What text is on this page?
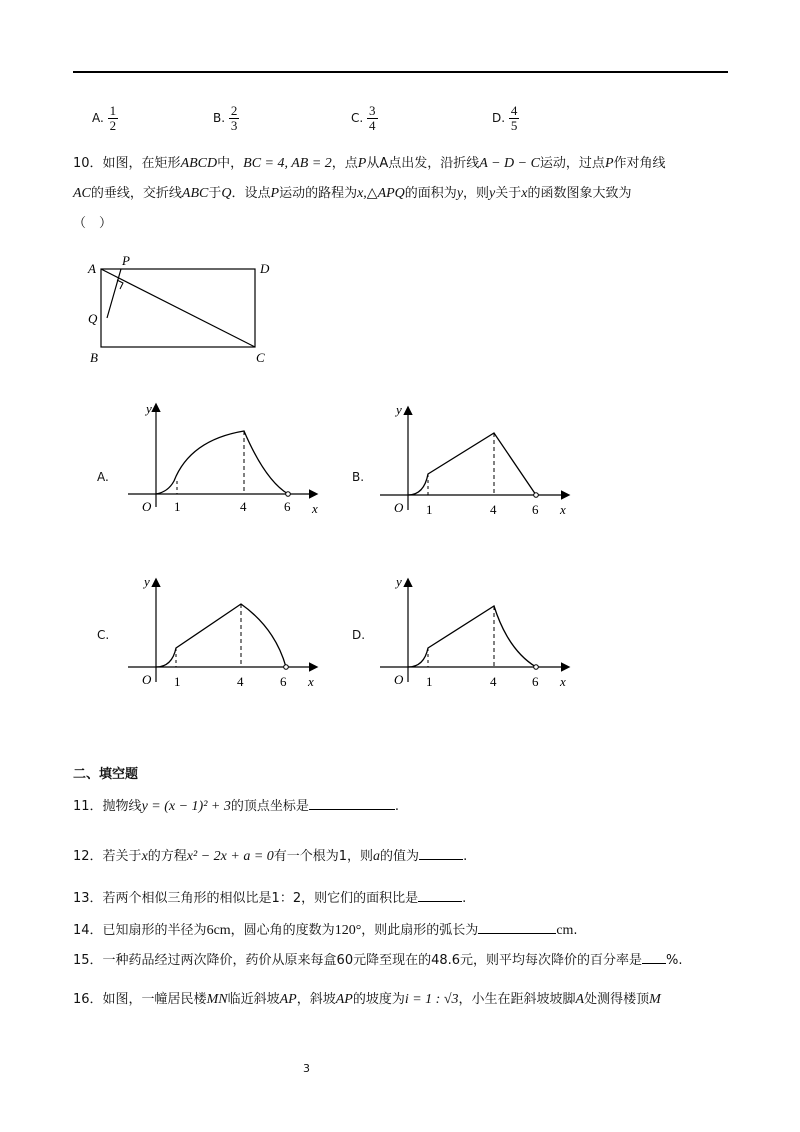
A. $\frac{1}{2}$	B. $\frac{2}{3}$	C. $\frac{3}{4}$	D. $\frac{4}{5}$
10．如图，在矩形ABCD中，BC = 4, AB = 2，点P从A点出发，沿折线A − D − C运动，过点P作对角线
AC的垂线，交折线ABC于Q．设点P运动的路程为x,△APQ的面积为y，则y关于x的函数图象大致为
（　）
A
P
D
Q
B	C
A.
y
x
O 1	4	6
B.
y
x
O 1	4	6
C.
y
x
O 1	4	6
D.
y
x
O 1	4	6
二、填空题
11．抛物线y = (x − 1)² + 3的顶点坐标是	.
12．若关于x的方程x² − 2x + a = 0有一个根为1，则a的值为	.
13．若两个相似三角形的相似比是1：2，则它们的面积比是	.
14．已知扇形的半径为6cm，圆心角的度数为120°，则此扇形的弧长为	cm.
15．一种药品经过两次降价，药价从原来每盒60元降至现在的48.6元，则平均每次降价的百分率是 %.
16．如图，一幢居民楼MN临近斜坡AP，斜坡AP的坡度为i = 1 : √3，小生在距斜坡坡脚A处测得楼顶M
3
